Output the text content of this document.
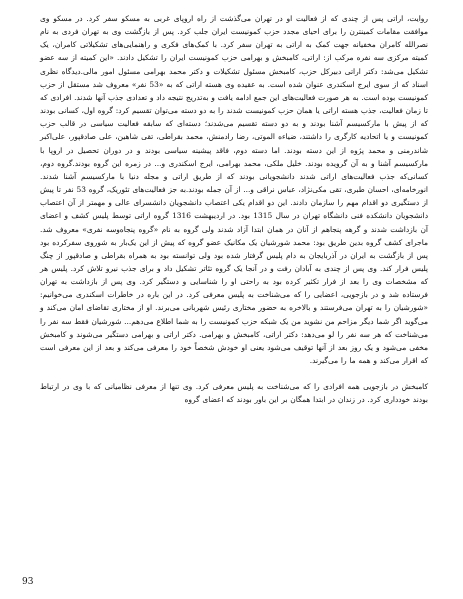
روایت، اراتی پس از چندی که از فعالیت او در تهران می‌گذشت از راه اروپای غربی به مسکو سفر کرد. در مسکو وی موافقت مقامات کمینترن را برای احیای مجدد حزب کمونیست ایران جلب کرد. پس از بازگشت وی به تهران فردی به نام نصرالله کامران مخفیانه جهت کمک به اراتی به تهران سفر کرد. با کمک‌های فکری و راهنمایی‌های تشکیلاتی کامران، یک کمیته مرکزی سه نفره مرکب از: اراتی، کامبخش و بهرامی حزب کمونیست ایران را تشکیل دادند. «این کمیته از سه عضو تشکیل می‌شد: دکتر اراتی دبیرکل حزب، کامبخش مسئول تشکیلات و دکتر محمد بهرامی مسئول امور مالی.دیدگاه نظری اسناد که از سوی ایرج اسکندری عنوان شده است. به عقیده وی هسته اراتی که به «53 نفر» معروف شد مستقل از حزب کمونیست بوده است. به هر صورت فعالیت‌های این جمع ادامه یافت و به‌تدریج نتیجه داد و تعدادی جذب آنها شدند. افرادی که تا زمان فعالیت، جذب هسته اراتی یا همان حزب کمونیست شدند را به دو دسته می‌توان تقسیم کرد: گروه اول، کسانی بودند که از پیش با مارکسیسم آشنا بودند و به دو دسته تقسیم می‌شدند؛ دسته‌ای که سابقه فعالیت سیاسی در قالب حزب کمونیست و یا اتحادیه کارگری را داشتند، ضیاءه الموتی، رضا رادمنش، محمد بقراطی، تقی شاهین، علی صادقپور، علی‌اکبر شاندرمنی و محمد پژوه از این دسته بودند. اما دسته دوم، فاقد پیشینه سیاسی بودند و در دوران تحصیل در اروپا با مارکسیسم آشنا و به آن گرویده بودند. خلیل ملکی، محمد بهرامی، ایرج اسکندری و... در زمره این گروه بودند.گروه دوم، کسانی‌که جذب فعالیت‌های اراتی شدند دانشجویانی بودند که از طریق اراتی و مجله دنیا با مارکسیسم آشنا شدند. انورخامه‌ای، احسان طبری، تقی مکی‌نژاد، عباس نراقی و... از آن جمله بودند.به جز فعالیت‌های تئوریک، گروه 53 نفر تا پیش از دستگیری دو اقدام مهم را سازمان دادند. این دو اقدام یکی اعتصاب دانشجویان دانشسرای عالی و مهمتر از آن اعتصاب دانشجویان دانشکده فنی دانشگاه تهران در سال 1315 بود. در اردیبهشت 1316 گروه اراتی توسط پلیس کشف و اعضای آن بازداشت شدند و گرهه پنجاهم از آنان در همان ابتدا آزاد شدند ولی گروه به نام «گروه پنجاه‌وسه نفری» معروف شد. ماجرای کشف گروه بدین طریق بود: محمد شورشیان یک مکانیک عضو گروه که پیش از این یک‌بار به شوروی سفرکرده بود پس از بازگشت به ایران در آذربایجان به دام پلیس گرفتار شده بود ولی توانسته بود به همراه بقراطی و صادقپور از چنگ پلیس فرار کند. وی پس از چندی به آبادان رفت و در آنجا یک گروه تئاتر تشکیل داد و برای جذب نیرو تلاش کرد. پلیس هر که مشخصات وی را بعد از فرار تکثیر کرده بود به راحتی او را شناسایی و دستگیر کرد. وی پس از بازداشت به تهران فرستاده شد و در بازجویی، اعضایی را که می‌شناخت به پلیس معرفی کرد. در این باره در خاطرات اسکندری می‌خوانیم: «شورشیان را به تهران می‌فرستند و بالاخره به حضور مختاری رئیس شهربانی می‌برند. او از مختاری تقاضای امان می‌کند و می‌گوید اگر شما دیگر مزاحم من نشوید من یک شبکه حزب کمونیست را به شما اطلاع می‌دهم... شورشیان فقط سه نفر را می‌شناخت که هر سه نفر را لو می‌دهد: دکتر اراتی، کامبخش و بهرامی. دکتر اراتی و بهرامی دستگیر می‌شوند و کامبخش مخفی می‌شود و یک روز بعد از آنها توقیف می‌شود یعنی او خودش شخصاً خود را معرفی می‌کند و بعد از این معرفی است که اقرار می‌کند و همه ما را می‌گیرند.

کامبخش در بازجویی همه افرادی را که می‌شناخت به پلیس معرفی کرد. وی تنها از معرفی نظامیانی که با وی در ارتباط بودند خودداری کرد. در زندان در ابتدا همگان بر این باور بودند که اعضای گروه

93
